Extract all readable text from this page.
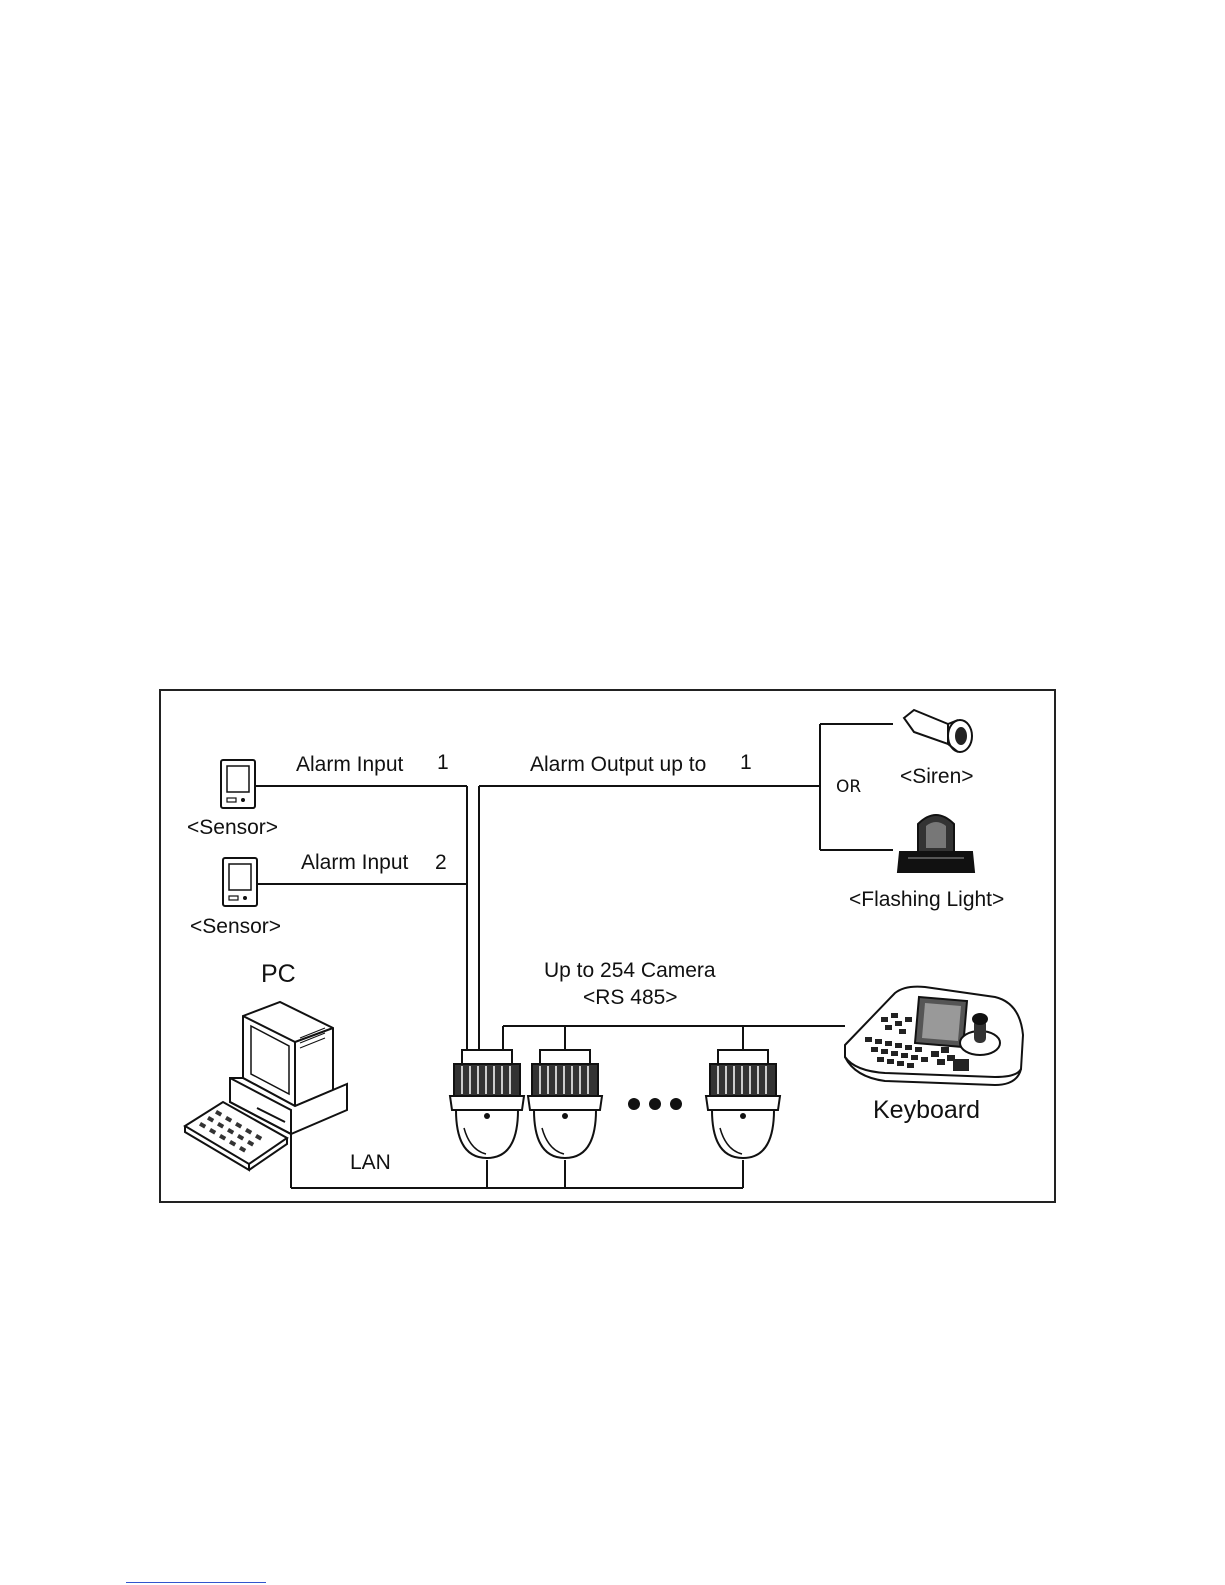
Alarm Input 1
Alarm Input 2
Alarm Output up to 1
<Sensor>
<Sensor>
OR <Siren>
<Flashing Light>
PC	Up to 254 Camera
<RS 485>
Keyboard
LAN
